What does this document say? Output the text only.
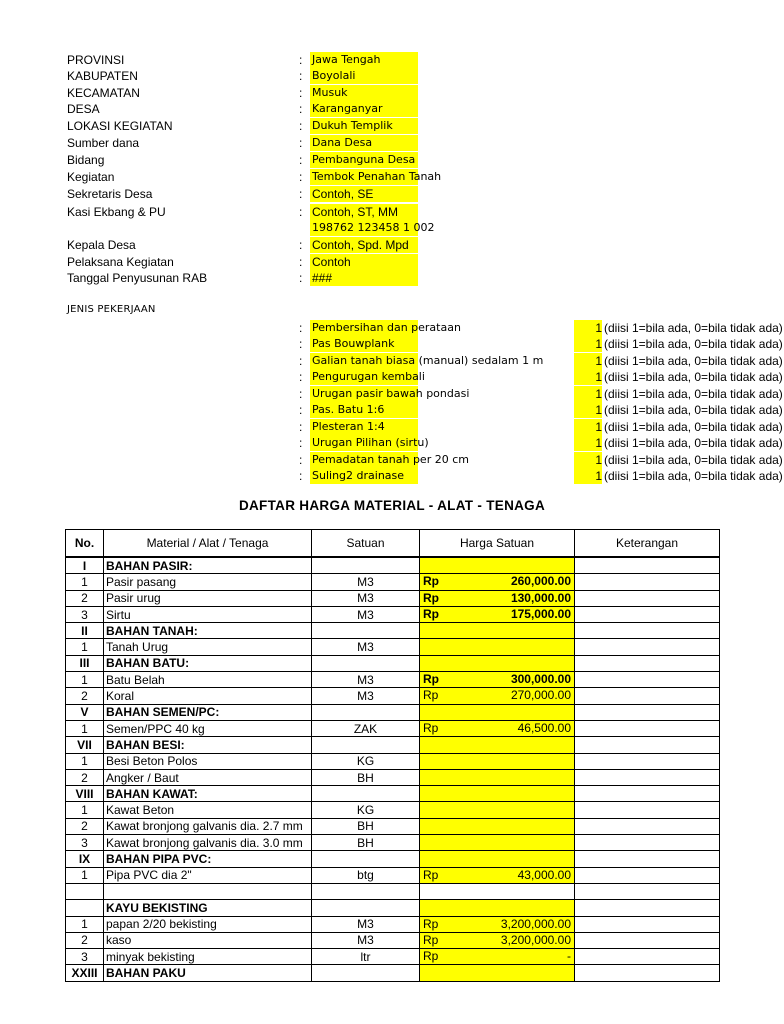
PROVINSI	: Jawa Tengah
KABUPATEN	: Boyolali
KECAMATAN	: Musuk
DESA	: Karanganyar
LOKASI KEGIATAN	: Dukuh Templik
Sumber dana	: Dana Desa
Bidang	: Pembanguna Desa
Kegiatan	: Tembok Penahan Tanah
Sekretaris Desa	: Contoh, SE
Kasi Ekbang & PU	: Contoh, ST, MM
198762 123458 1 002
Kepala Desa	: Contoh, Spd. Mpd
Pelaksana Kegiatan	: Contoh
Tanggal Penyusunan RAB	: ###
JENIS PEKERJAAN
: Pembersihan dan perataan	1 (diisi 1=bila ada, 0=bila tidak ada)
: Pas Bouwplank	1 (diisi 1=bila ada, 0=bila tidak ada)
: Galian tanah biasa (manual) sedalam 1 m	1 (diisi 1=bila ada, 0=bila tidak ada)
: Pengurugan kembali	1 (diisi 1=bila ada, 0=bila tidak ada)
: Urugan pasir bawah pondasi	1 (diisi 1=bila ada, 0=bila tidak ada)
: Pas. Batu 1:6	1 (diisi 1=bila ada, 0=bila tidak ada)
: Plesteran 1:4	1 (diisi 1=bila ada, 0=bila tidak ada)
: Urugan Pilihan (sirtu)	1 (diisi 1=bila ada, 0=bila tidak ada)
: Pemadatan tanah per 20 cm	1 (diisi 1=bila ada, 0=bila tidak ada)
: Suling2 drainase	1 (diisi 1=bila ada, 0=bila tidak ada)
DAFTAR HARGA MATERIAL - ALAT - TENAGA
No.	Material / Alat / Tenaga	Satuan	Harga Satuan	Keterangan
I	BAHAN PASIR:		

1	Pasir pasang	M3	Rp 260,000.00	

2	Pasir urug	M3	Rp 130,000.00	

3	Sirtu	M3	Rp 175,000.00	

II	BAHAN TANAH:		

1	Tanah Urug	M3	

III	BAHAN BATU:		

1	Batu Belah	M3	Rp 300,000.00	

2	Koral	M3	Rp 270,000.00	

V	BAHAN SEMEN/PC:		

1	Semen/PPC 40 kg	ZAK	Rp 46,500.00	

VII	BAHAN BESI:		

1	Besi Beton Polos	KG	

2	Angker / Baut	BH	

VIII	BAHAN KAWAT:		

1	Kawat Beton	KG	

2	Kawat bronjong galvanis dia. 2.7 mm	BH	

3	Kawat bronjong galvanis dia. 3.0 mm	BH	

IX	BAHAN PIPA PVC:		

1	Pipa PVC dia 2"	btg	Rp 43,000.00	

	KAYU BEKISTING		

1	papan 2/20 bekisting	M3	Rp 3,200,000.00	

2	kaso	M3	Rp 3,200,000.00	

3	minyak bekisting	ltr	Rp -	

XXIII	BAHAN PAKU		
